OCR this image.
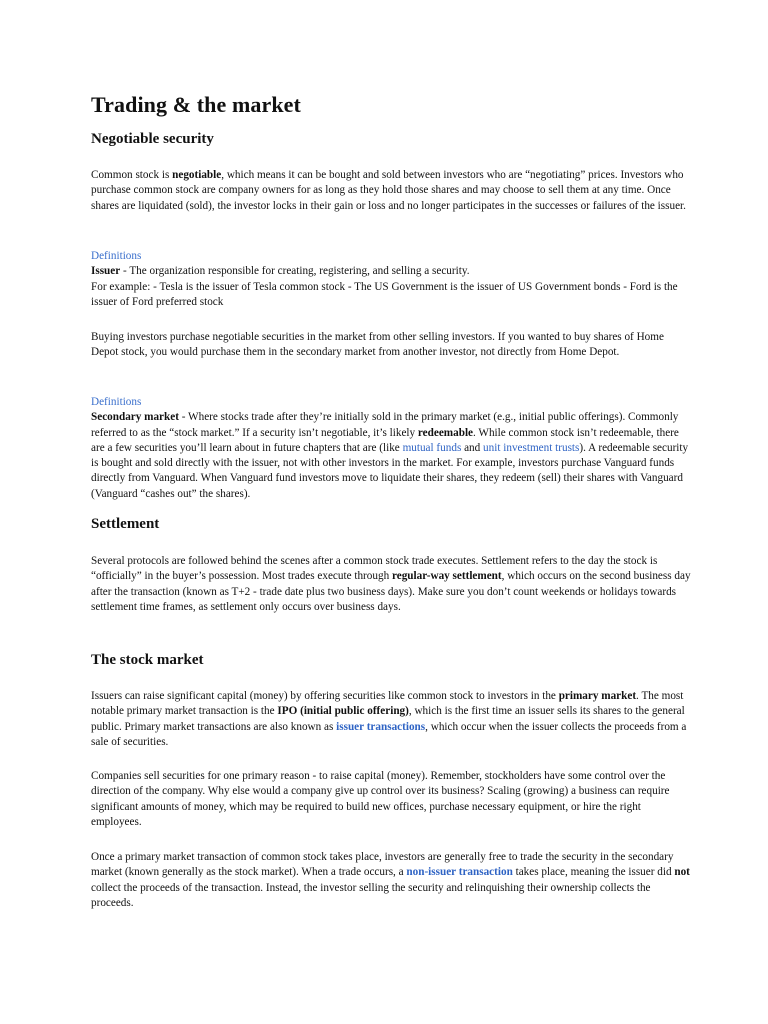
Trading & the market
Negotiable security

Common stock is negotiable, which means it can be bought and sold between investors who are “negotiating” prices. Investors who purchase common stock are company owners for as long as they hold those shares and may choose to sell them at any time. Once shares are liquidated (sold), the investor locks in their gain or loss and no longer participates in the successes or failures of the issuer.

Definitions

Issuer - The organization responsible for creating, registering, and selling a security.

For example: - Tesla is the issuer of Tesla common stock - The US Government is the issuer of US Government bonds - Ford is the issuer of Ford preferred stock

Buying investors purchase negotiable securities in the market from other selling investors. If you wanted to buy shares of Home Depot stock, you would purchase them in the secondary market from another investor, not directly from Home Depot.

Definitions

Secondary market - Where stocks trade after they’re initially sold in the primary market (e.g., initial public offerings). Commonly referred to as the “stock market.” If a security isn’t negotiable, it’s likely redeemable. While common stock isn’t redeemable, there are a few securities you’ll learn about in future chapters that are (like mutual funds and unit investment trusts). A redeemable security is bought and sold directly with the issuer, not with other investors in the market. For example, investors purchase Vanguard funds directly from Vanguard. When Vanguard fund investors move to liquidate their shares, they redeem (sell) their shares with Vanguard (Vanguard “cashes out” the shares).

Settlement

Several protocols are followed behind the scenes after a common stock trade executes. Settlement refers to the day the stock is “officially” in the buyer’s possession. Most trades execute through regular-way settlement, which occurs on the second business day after the transaction (known as T+2 - trade date plus two business days). Make sure you don’t count weekends or holidays towards settlement time frames, as settlement only occurs over business days.

The stock market

Issuers can raise significant capital (money) by offering securities like common stock to investors in the primary market. The most notable primary market transaction is the IPO (initial public offering), which is the first time an issuer sells its shares to the general public. Primary market transactions are also known as issuer transactions, which occur when the issuer collects the proceeds from a sale of securities.

Companies sell securities for one primary reason - to raise capital (money). Remember, stockholders have some control over the direction of the company. Why else would a company give up control over its business? Scaling (growing) a business can require significant amounts of money, which may be required to build new offices, purchase necessary equipment, or hire the right employees.

Once a primary market transaction of common stock takes place, investors are generally free to trade the security in the secondary market (known generally as the stock market). When a trade occurs, a non-issuer transaction takes place, meaning the issuer did not collect the proceeds of the transaction. Instead, the investor selling the security and relinquishing their ownership collects the proceeds.
